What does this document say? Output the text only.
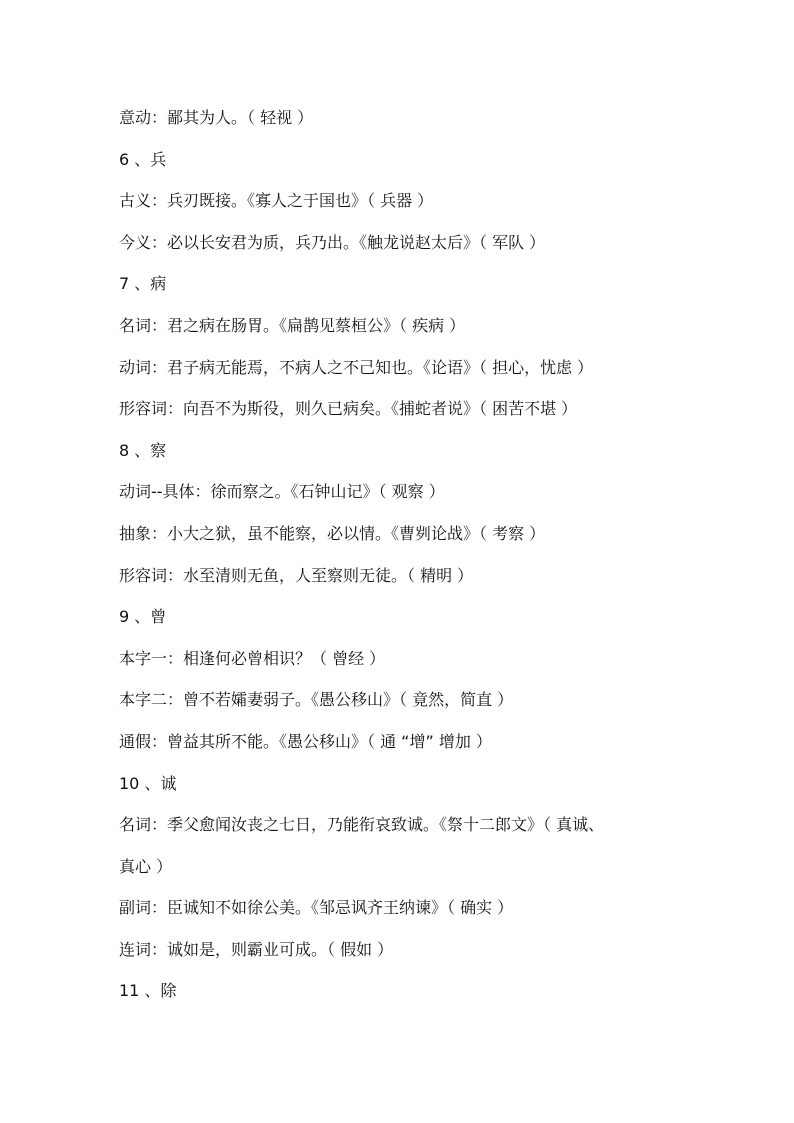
意动：鄙其为人。（ 轻视 ）
6 、兵
古义：兵刃既接。《寡人之于国也》（ 兵器 ）
今义：必以长安君为质，兵乃出。《触龙说赵太后》（ 军队 ）
7 、病
名词：君之病在肠胃。《扁鹊见蔡桓公》（ 疾病 ）
动词：君子病无能焉，不病人之不己知也。《论语》（ 担心，忧虑 ）
形容词：向吾不为斯役，则久已病矣。《捕蛇者说》（ 困苦不堪 ）
8 、察
动词--具体：徐而察之。《石钟山记》（ 观察 ）
抽象：小大之狱，虽不能察，必以情。《曹刿论战》（ 考察 ）
形容词：水至清则无鱼，人至察则无徒。（ 精明 ）
9 、曾
本字一：相逢何必曾相识？（ 曾经 ）
本字二：曾不若孀妻弱子。《愚公移山》（ 竟然，简直 ）
通假：曾益其所不能。《愚公移山》（ 通 “增” 增加 ）
10 、诚
名词：季父愈闻汝丧之七日，乃能衔哀致诚。《祭十二郎文》（ 真诚、
真心 ）
副词：臣诚知不如徐公美。《邹忌讽齐王纳谏》（ 确实 ）
连词：诚如是，则霸业可成。（ 假如 ）
11 、除
